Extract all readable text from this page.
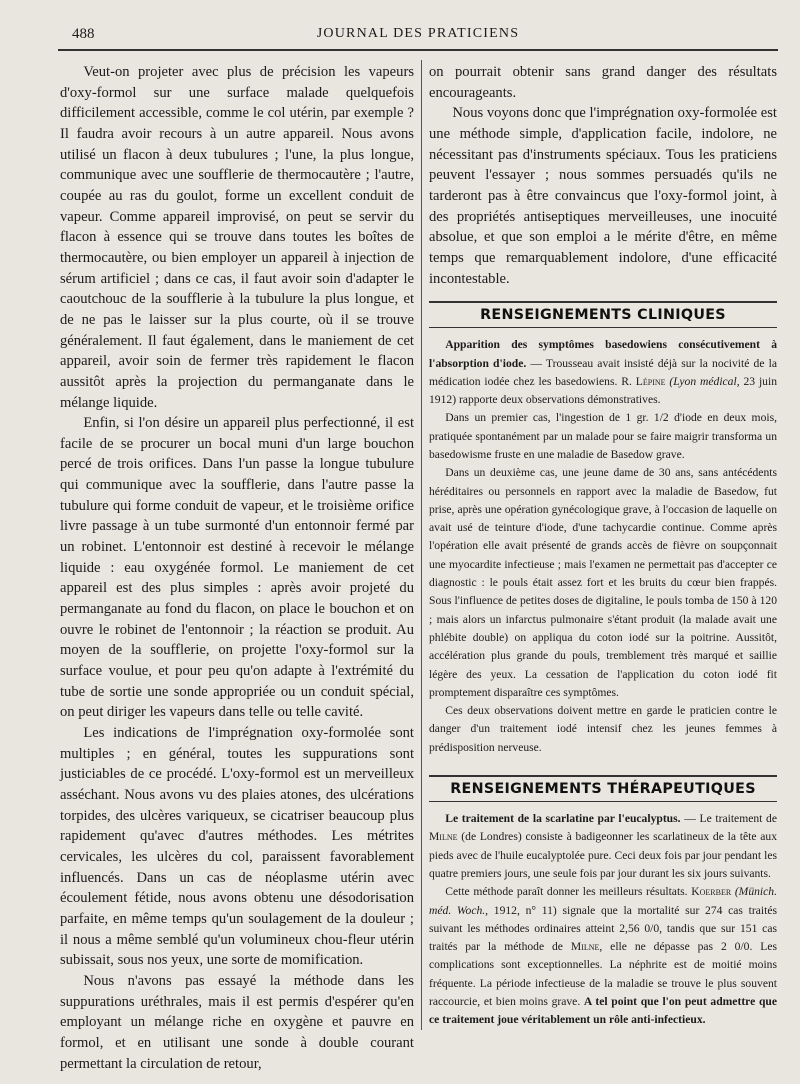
488	JOURNAL DES PRATICIENS

Veut-on projeter avec plus de précision les vapeurs d'oxy-formol sur une surface malade quelquefois difficilement accessible, comme le col utérin, par exemple ? Il faudra avoir recours à un autre appareil. Nous avons utilisé un flacon à deux tubulures ; l'une, la plus longue, communique avec une soufflerie de thermocautère ; l'autre, coupée au ras du goulot, forme un excellent conduit de vapeur. Comme appareil improvisé, on peut se servir du flacon à essence qui se trouve dans toutes les boîtes de thermocautère, ou bien employer un appareil à injection de sérum artificiel ; dans ce cas, il faut avoir soin d'adapter le caoutchouc de la soufflerie à la tubulure la plus longue, et de ne pas le laisser sur la plus courte, où il se trouve généralement. Il faut également, dans le maniement de cet appareil, avoir soin de fermer très rapidement le flacon aussitôt après la projection du permanganate dans le mélange liquide.

Enfin, si l'on désire un appareil plus perfectionné, il est facile de se procurer un bocal muni d'un large bouchon percé de trois orifices. Dans l'un passe la longue tubulure qui communique avec la soufflerie, dans l'autre passe la tubulure qui forme conduit de vapeur, et le troisième orifice livre passage à un tube surmonté d'un entonnoir fermé par un robinet. L'entonnoir est destiné à recevoir le mélange liquide : eau oxygénée formol. Le maniement de cet appareil est des plus simples : après avoir projeté du permanganate au fond du flacon, on place le bouchon et on ouvre le robinet de l'entonnoir ; la réaction se produit. Au moyen de la soufflerie, on projette l'oxy-formol sur la surface voulue, et pour peu qu'on adapte à l'extrémité du tube de sortie une sonde appropriée ou un conduit spécial, on peut diriger les vapeurs dans telle ou telle cavité.

Les indications de l'imprégnation oxy-formolée sont multiples ; en général, toutes les suppurations sont justiciables de ce procédé. L'oxy-formol est un merveilleux asséchant. Nous avons vu des plaies atones, des ulcérations torpides, des ulcères variqueux, se cicatriser beaucoup plus rapidement qu'avec d'autres méthodes. Les métrites cervicales, les ulcères du col, paraissent favorablement influencés. Dans un cas de néoplasme utérin avec écoulement fétide, nous avons obtenu une désodorisation parfaite, en même temps qu'un soulagement de la douleur ; il nous a même semblé qu'un volumineux chou-fleur utérin subissait, sous nos yeux, une sorte de momification.

Nous n'avons pas essayé la méthode dans les suppurations uréthrales, mais il est permis d'espérer qu'en employant un mélange riche en oxygène et pauvre en formol, et en utilisant une sonde à double courant permettant la circulation de retour,

on pourrait obtenir sans grand danger des résultats encourageants.

Nous voyons donc que l'imprégnation oxy-formolée est une méthode simple, d'application facile, indolore, ne nécessitant pas d'instruments spéciaux. Tous les praticiens peuvent l'essayer ; nous sommes persuadés qu'ils ne tarderont pas à être convaincus que l'oxy-formol joint, à des propriétés antiseptiques merveilleuses, une inocuité absolue, et que son emploi a le mérite d'être, en même temps que remarquablement indolore, d'une efficacité incontestable.

RENSEIGNEMENTS CLINIQUES

Apparition des symptômes basedowiens consécutivement à l'absorption d'iode. — Trousseau avait insisté déjà sur la nocivité de la médication iodée chez les basedowiens. R. Lépine (Lyon médical, 23 juin 1912) rapporte deux observations démonstratives.

Dans un premier cas, l'ingestion de 1 gr. 1/2 d'iode en deux mois, pratiquée spontanément par un malade pour se faire maigrir transforma un basedowisme fruste en une maladie de Basedow grave.

Dans un deuxième cas, une jeune dame de 30 ans, sans antécédents héréditaires ou personnels en rapport avec la maladie de Basedow, fut prise, après une opération gynécologique grave, à l'occasion de laquelle on avait usé de teinture d'iode, d'une tachycardie continue. Comme après l'opération elle avait présenté de grands accès de fièvre on soupçonnait une myocardite infectieuse ; mais l'examen ne permettait pas d'accepter ce diagnostic : le pouls était assez fort et les bruits du cœur bien frappés. Sous l'influence de petites doses de digitaline, le pouls tomba de 150 à 120 ; mais alors un infarctus pulmonaire s'étant produit (la malade avait une phlébite double) on appliqua du coton iodé sur la poitrine. Aussitôt, accélération plus grande du pouls, tremblement très marqué et saillie légère des yeux. La cessation de l'application du coton iodé fit promptement disparaître ces symptômes.

Ces deux observations doivent mettre en garde le praticien contre le danger d'un traitement iodé intensif chez les jeunes femmes à prédisposition nerveuse.

RENSEIGNEMENTS THÉRAPEUTIQUES

Le traitement de la scarlatine par l'eucalyptus. — Le traitement de Milne (de Londres) consiste à badigeonner les scarlatineux de la tête aux pieds avec de l'huile eucalyptolée pure. Ceci deux fois par jour pendant les quatre premiers jours, une seule fois par jour durant les six jours suivants.

Cette méthode paraît donner les meilleurs résultats. Koerber (Münich. méd. Woch., 1912, n° 11) signale que la mortalité sur 274 cas traités suivant les méthodes ordinaires atteint 2,56 0/0, tandis que sur 151 cas traités par la méthode de Milne, elle ne dépasse pas 2 0/0. Les complications sont exceptionnelles. La néphrite est de moitié moins fréquente. La période infectieuse de la maladie se trouve le plus souvent raccourcie, et bien moins grave. A tel point que l'on peut admettre que ce traitement joue véritablement un rôle anti-infectieux.
